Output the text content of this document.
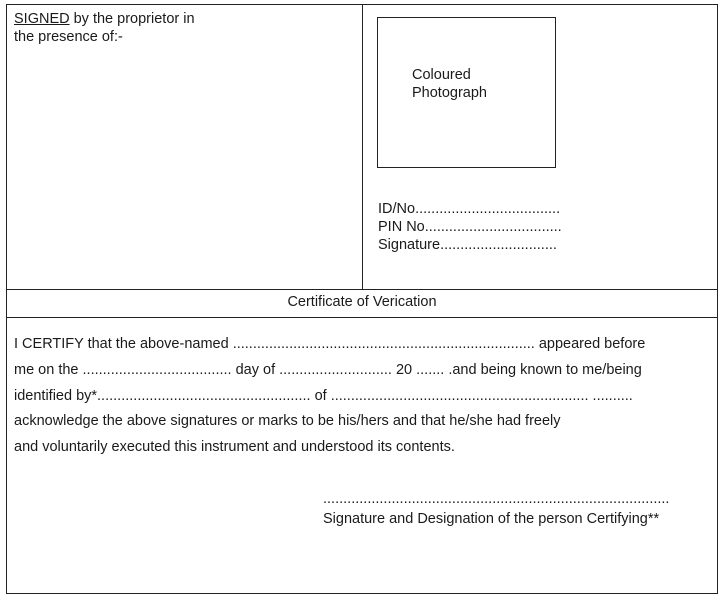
SIGNED by the proprietor in
the presence of:-
Coloured
Photograph
ID/No....................................
PIN No..................................
Signature.............................
Certificate of Verication
I CERTIFY that the above-named ........................................................................... appeared before
me on the ..................................... day of ............................ 20 ....... .and being known to me/being
identified by*..................................................... of ................................................................ ..........
acknowledge the above signatures or marks to be his/hers and that he/she had freely
and voluntarily executed this instrument and understood its contents.
......................................................................................
Signature and Designation of the person Certifying**
